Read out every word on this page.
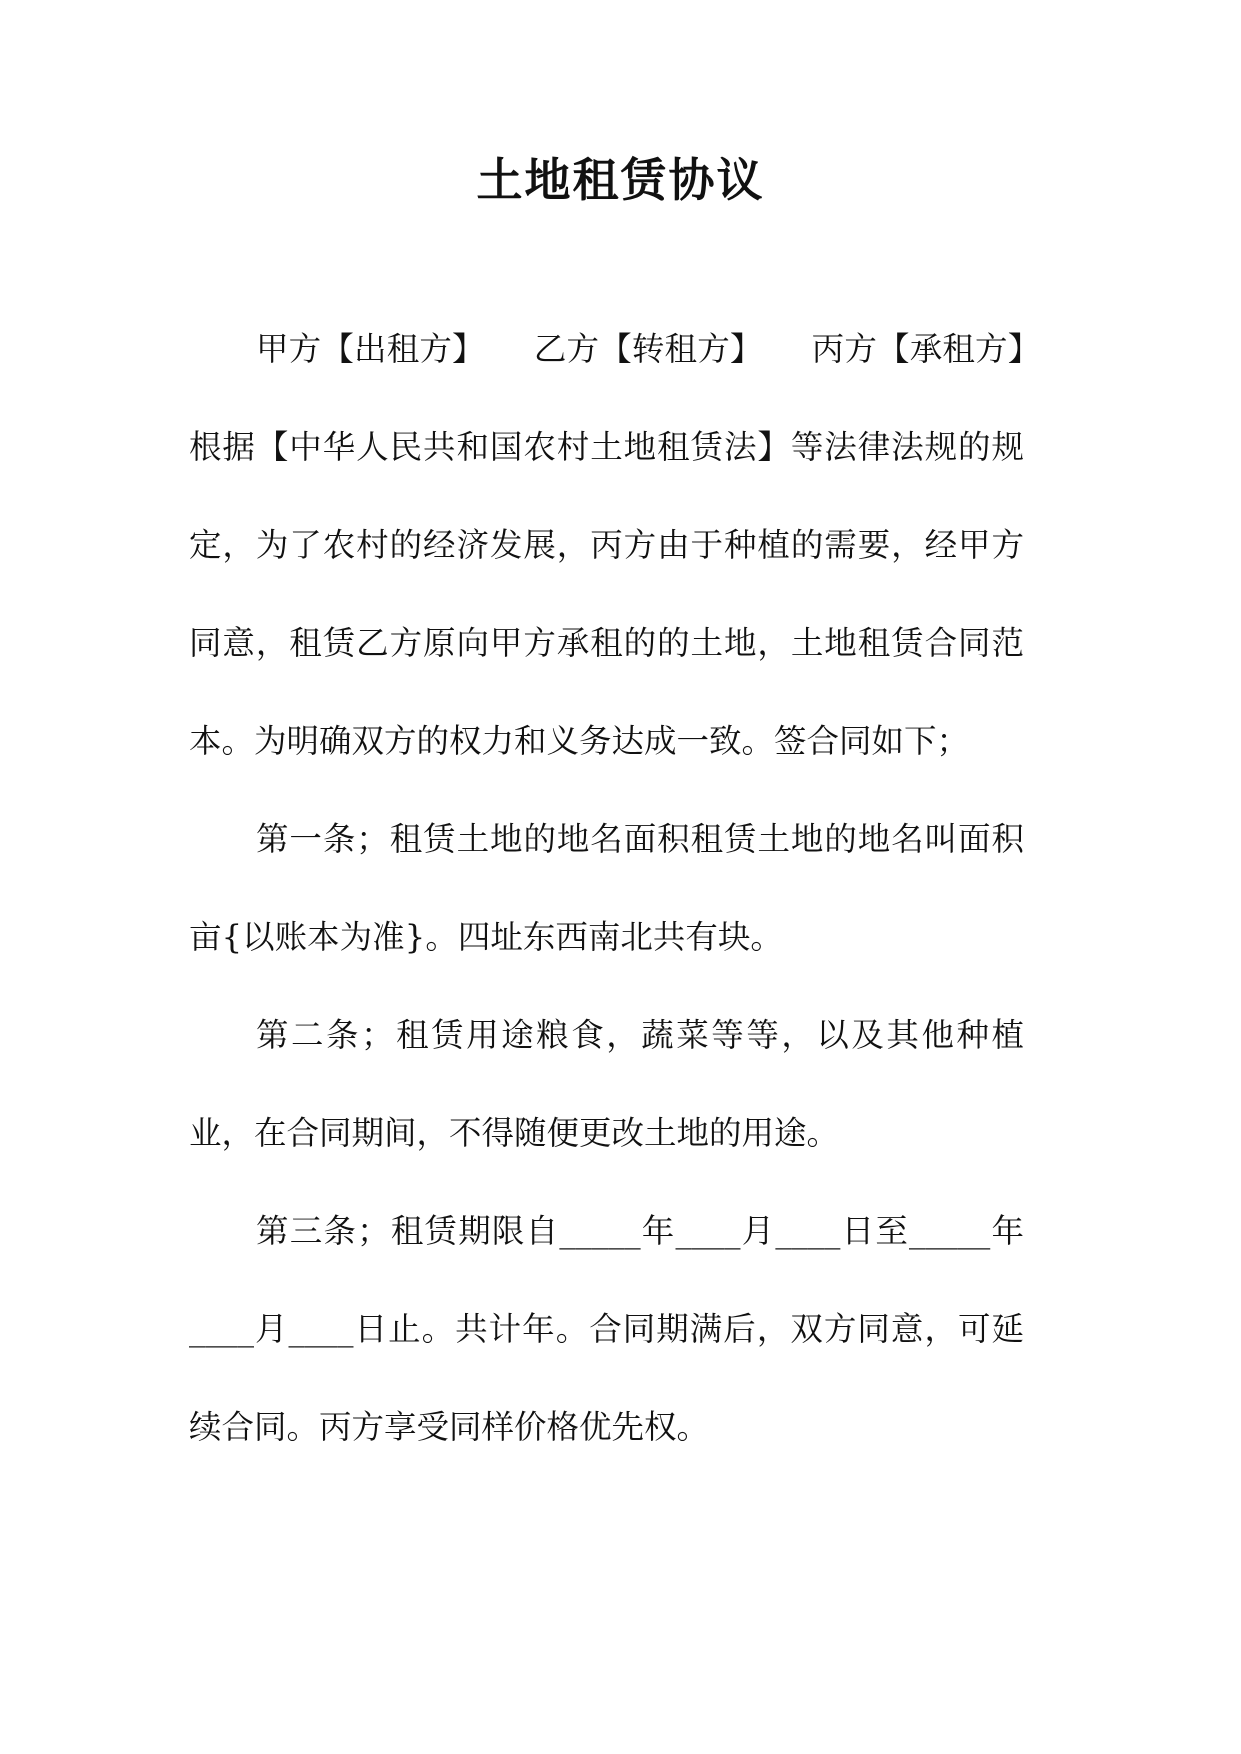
土地租赁协议

甲方【出租方】　　乙方【转租方】　　丙方【承租方】　　根据【中华人民共和国农村土地租赁法】等法律法规的规定，为了农村的经济发展，丙方由于种植的需要，经甲方同意，租赁乙方原向甲方承租的的土地，土地租赁合同范本。为明确双方的权力和义务达成一致。签合同如下；

第一条；租赁土地的地名面积租赁土地的地名叫面积亩{以账本为准}。四址东西南北共有块。

第二条；租赁用途粮食，蔬菜等等，以及其他种植业，在合同期间，不得随便更改土地的用途。

第三条；租赁期限自_____年____月____日至_____年____月____日止。共计年。合同期满后，双方同意，可延续合同。丙方享受同样价格优先权。
